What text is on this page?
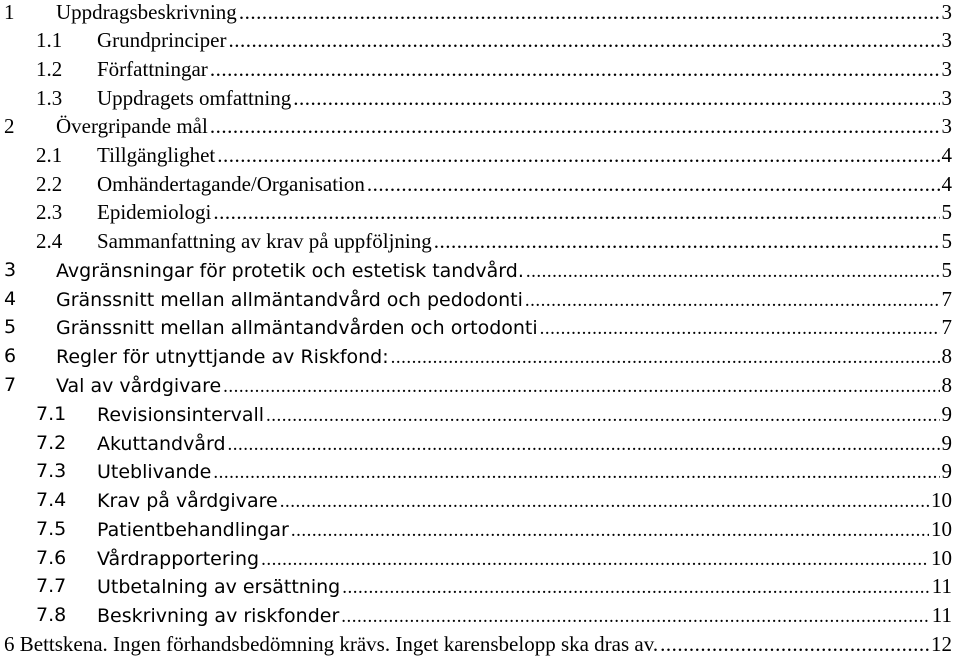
1 Uppdragsbeskrivning .....	3
1.1 Grundprinciper .....	3
1.2 Författningar .....	3
1.3 Uppdragets omfattning .....	3
2 Övergripande mål .....	3
2.1 Tillgänglighet .....	4
2.2 Omhändertagande/Organisation .....	4
2.3 Epidemiologi .....	5
2.4 Sammanfattning av krav på uppföljning .....	5
3 Avgränsningar för protetik och estetisk tandvård. .....	5
4 Gränssnitt mellan allmäntandvård och pedodonti .....	7
5 Gränssnitt mellan allmäntandvården och ortodonti .....	7
6 Regler för utnyttjande av Riskfond: .....	8
7 Val av vårdgivare .....	8
7.1 Revisionsintervall .....	9
7.2 Akuttandvård .....	9
7.3 Uteblivande .....	9
7.4 Krav på vårdgivare .....	10
7.5 Patientbehandlingar .....	10
7.6 Vårdrapportering .....	10
7.7 Utbetalning av ersättning .....	11
7.8 Beskrivning av riskfonder .....	11
6 Bettskena. Ingen förhandsbedömning krävs. Inget karensbelopp ska dras av. .....	12
